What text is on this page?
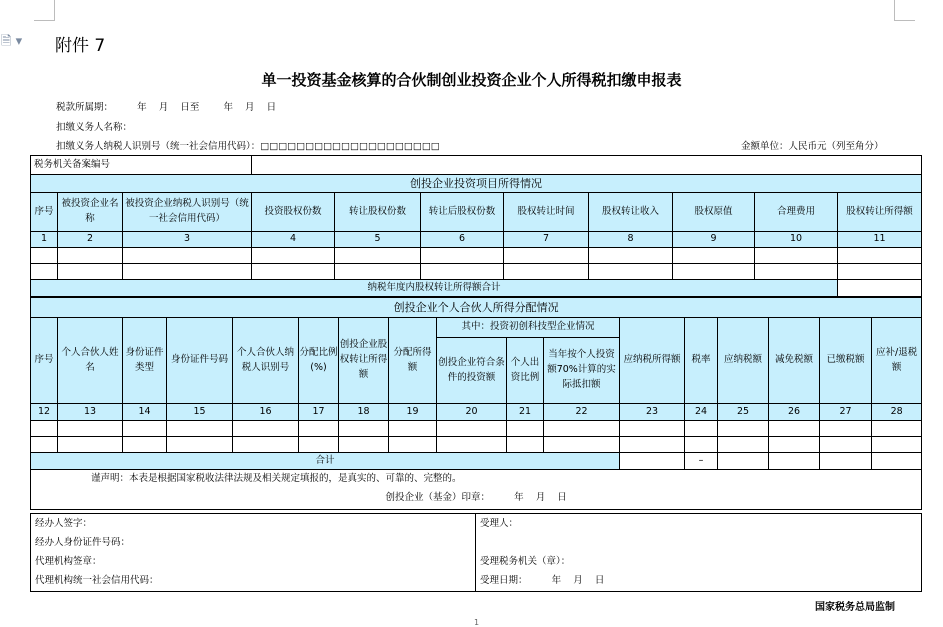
🗎 ▾ 附件 7
单一投资基金核算的合伙制创业投资企业个人所得税扣缴申报表
税款所属期：        年    月    日至        年    月    日
扣缴义务人名称：
扣缴义务人纳税人识别号（统一社会信用代码）：□□□□□□□□□□□□□□□□□□□□	金额单位：人民币元（列至角分）
税务机关备案编号										
创投企业投资项目所得情况										
序号	被投资企业名称	被投资企业纳税人识别号（统一社会信用代码）	投资股权份数	转让股权份数	转让后股权份数	股权转让时间	股权转让收入	股权原值	合理费用	股权转让所得额
1	2	3	4	5	6	7	8	9	10	11

纳税年度内股权转让所得额合计										
创投企业个人合伙人所得分配情况																
序号	个人合伙人姓名	身份证件类型	身份证件号码	个人合伙人纳税人识别号	分配比例(%)	创投企业股权转让所得额	分配所得额	其中：投资初创科技型企业情况			应纳税所得额	税率	应纳税额	减免税额	已缴税额	应补/退税额
								创投企业符合条件的投资额	个人出资比例	当年按个人投资额70%计算的实际抵扣额						
12	13	14	15	16	17	18	19	20	21	22	23	24	25	26	27	28

合计												–				
谨声明：本表是根据国家税收法律法规及相关规定填报的，是真实的、可靠的、完整的。																
创投企业（基金）印章：        年    月    日																
经办人签字：
经办人身份证件号码：
代理机构签章：
代理机构统一社会信用代码：

受理人：

受理税务机关（章）：
受理日期：        年    月    日
国家税务总局监制
1
